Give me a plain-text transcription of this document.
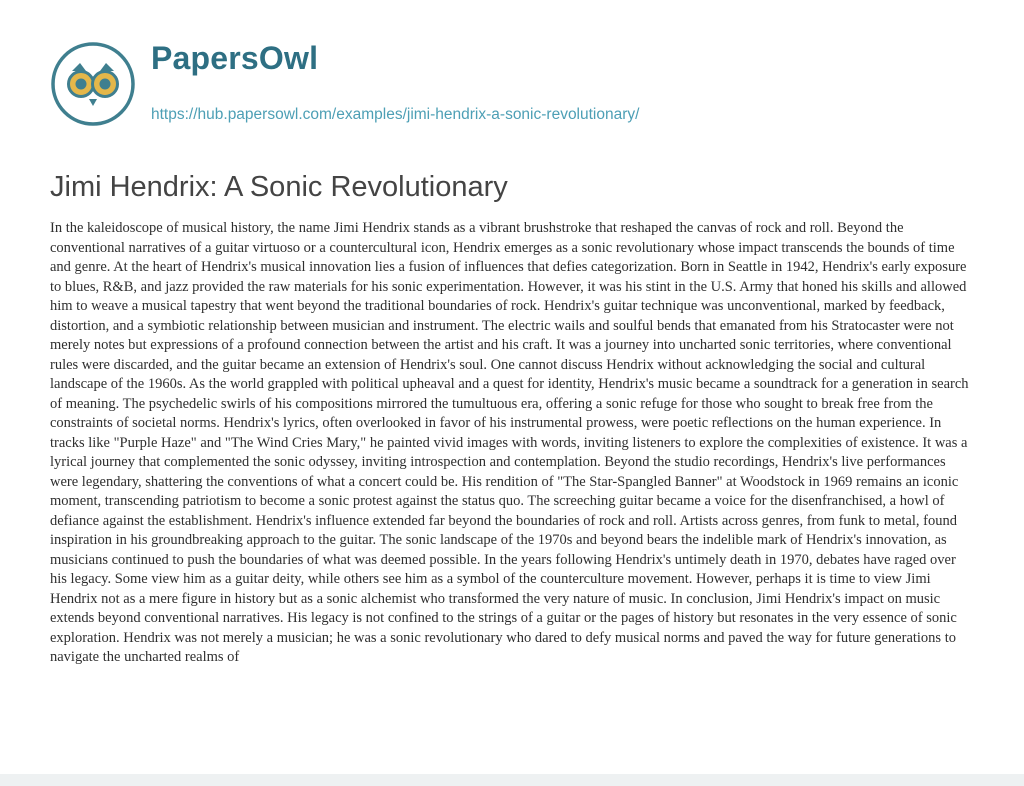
PapersOwl
https://hub.papersowl.com/examples/jimi-hendrix-a-sonic-revolutionary/
Jimi Hendrix: A Sonic Revolutionary

In the kaleidoscope of musical history, the name Jimi Hendrix stands as a vibrant brushstroke that reshaped the canvas of rock and roll. Beyond the conventional narratives of a guitar virtuoso or a countercultural icon, Hendrix emerges as a sonic revolutionary whose impact transcends the bounds of time and genre. At the heart of Hendrix's musical innovation lies a fusion of influences that defies categorization. Born in Seattle in 1942, Hendrix's early exposure to blues, R&B, and jazz provided the raw materials for his sonic experimentation. However, it was his stint in the U.S. Army that honed his skills and allowed him to weave a musical tapestry that went beyond the traditional boundaries of rock. Hendrix's guitar technique was unconventional, marked by feedback, distortion, and a symbiotic relationship between musician and instrument. The electric wails and soulful bends that emanated from his Stratocaster were not merely notes but expressions of a profound connection between the artist and his craft. It was a journey into uncharted sonic territories, where conventional rules were discarded, and the guitar became an extension of Hendrix's soul. One cannot discuss Hendrix without acknowledging the social and cultural landscape of the 1960s. As the world grappled with political upheaval and a quest for identity, Hendrix's music became a soundtrack for a generation in search of meaning. The psychedelic swirls of his compositions mirrored the tumultuous era, offering a sonic refuge for those who sought to break free from the constraints of societal norms. Hendrix's lyrics, often overlooked in favor of his instrumental prowess, were poetic reflections on the human experience. In tracks like "Purple Haze" and "The Wind Cries Mary," he painted vivid images with words, inviting listeners to explore the complexities of existence. It was a lyrical journey that complemented the sonic odyssey, inviting introspection and contemplation. Beyond the studio recordings, Hendrix's live performances were legendary, shattering the conventions of what a concert could be. His rendition of "The Star-Spangled Banner" at Woodstock in 1969 remains an iconic moment, transcending patriotism to become a sonic protest against the status quo. The screeching guitar became a voice for the disenfranchised, a howl of defiance against the establishment. Hendrix's influence extended far beyond the boundaries of rock and roll. Artists across genres, from funk to metal, found inspiration in his groundbreaking approach to the guitar. The sonic landscape of the 1970s and beyond bears the indelible mark of Hendrix's innovation, as musicians continued to push the boundaries of what was deemed possible. In the years following Hendrix's untimely death in 1970, debates have raged over his legacy. Some view him as a guitar deity, while others see him as a symbol of the counterculture movement. However, perhaps it is time to view Jimi Hendrix not as a mere figure in history but as a sonic alchemist who transformed the very nature of music. In conclusion, Jimi Hendrix's impact on music extends beyond conventional narratives. His legacy is not confined to the strings of a guitar or the pages of history but resonates in the very essence of sonic exploration. Hendrix was not merely a musician; he was a sonic revolutionary who dared to defy musical norms and paved the way for future generations to navigate the uncharted realms of
